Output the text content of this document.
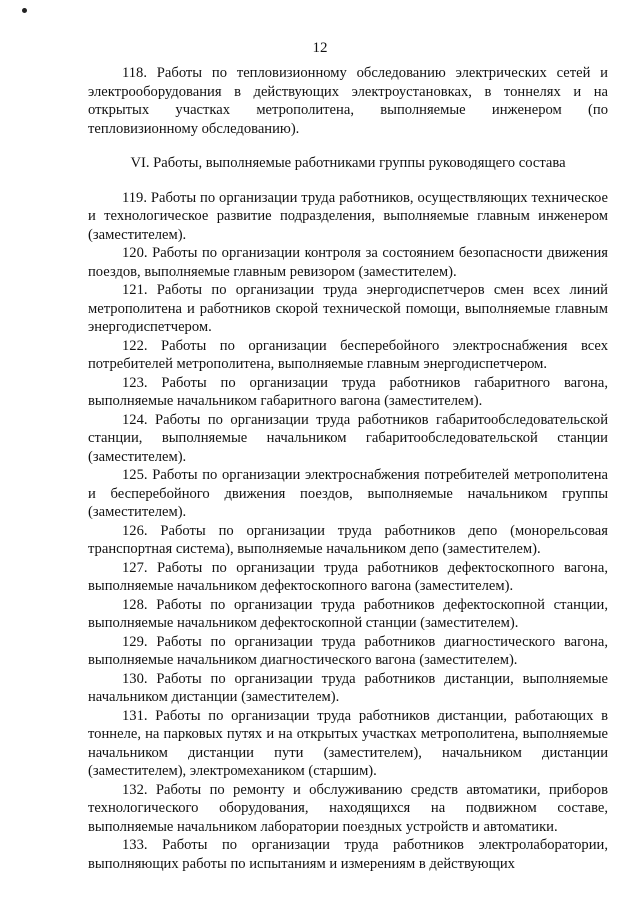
12

118. Работы по тепловизионному обследованию электрических сетей и электрооборудования в действующих электроустановках, в тоннелях и на открытых участках метрополитена, выполняемые инженером (по тепловизионному обследованию).

VI. Работы, выполняемые работниками группы руководящего состава

119. Работы по организации труда работников, осуществляющих техническое и технологическое развитие подразделения, выполняемые главным инженером (заместителем).

120. Работы по организации контроля за состоянием безопасности движения поездов, выполняемые главным ревизором (заместителем).

121. Работы по организации труда энергодиспетчеров смен всех линий метрополитена и работников скорой технической помощи, выполняемые главным энергодиспетчером.

122. Работы по организации бесперебойного электроснабжения всех потребителей метрополитена, выполняемые главным энергодиспетчером.

123. Работы по организации труда работников габаритного вагона, выполняемые начальником габаритного вагона (заместителем).

124. Работы по организации труда работников габаритообследовательской станции, выполняемые начальником габаритообследовательской станции (заместителем).

125. Работы по организации электроснабжения потребителей метрополитена и бесперебойного движения поездов, выполняемые начальником группы (заместителем).

126. Работы по организации труда работников депо (монорельсовая транспортная система), выполняемые начальником депо (заместителем).

127. Работы по организации труда работников дефектоскопного вагона, выполняемые начальником дефектоскопного вагона (заместителем).

128. Работы по организации труда работников дефектоскопной станции, выполняемые начальником дефектоскопной станции (заместителем).

129. Работы по организации труда работников диагностического вагона, выполняемые начальником диагностического вагона (заместителем).

130. Работы по организации труда работников дистанции, выполняемые начальником дистанции (заместителем).

131. Работы по организации труда работников дистанции, работающих в тоннеле, на парковых путях и на открытых участках метрополитена, выполняемые начальником дистанции пути (заместителем), начальником дистанции (заместителем), электромехаником (старшим).

132. Работы по ремонту и обслуживанию средств автоматики, приборов технологического оборудования, находящихся на подвижном составе, выполняемые начальником лаборатории поездных устройств и автоматики.

133. Работы по организации труда работников электролаборатории, выполняющих работы по испытаниям и измерениям в действующих
